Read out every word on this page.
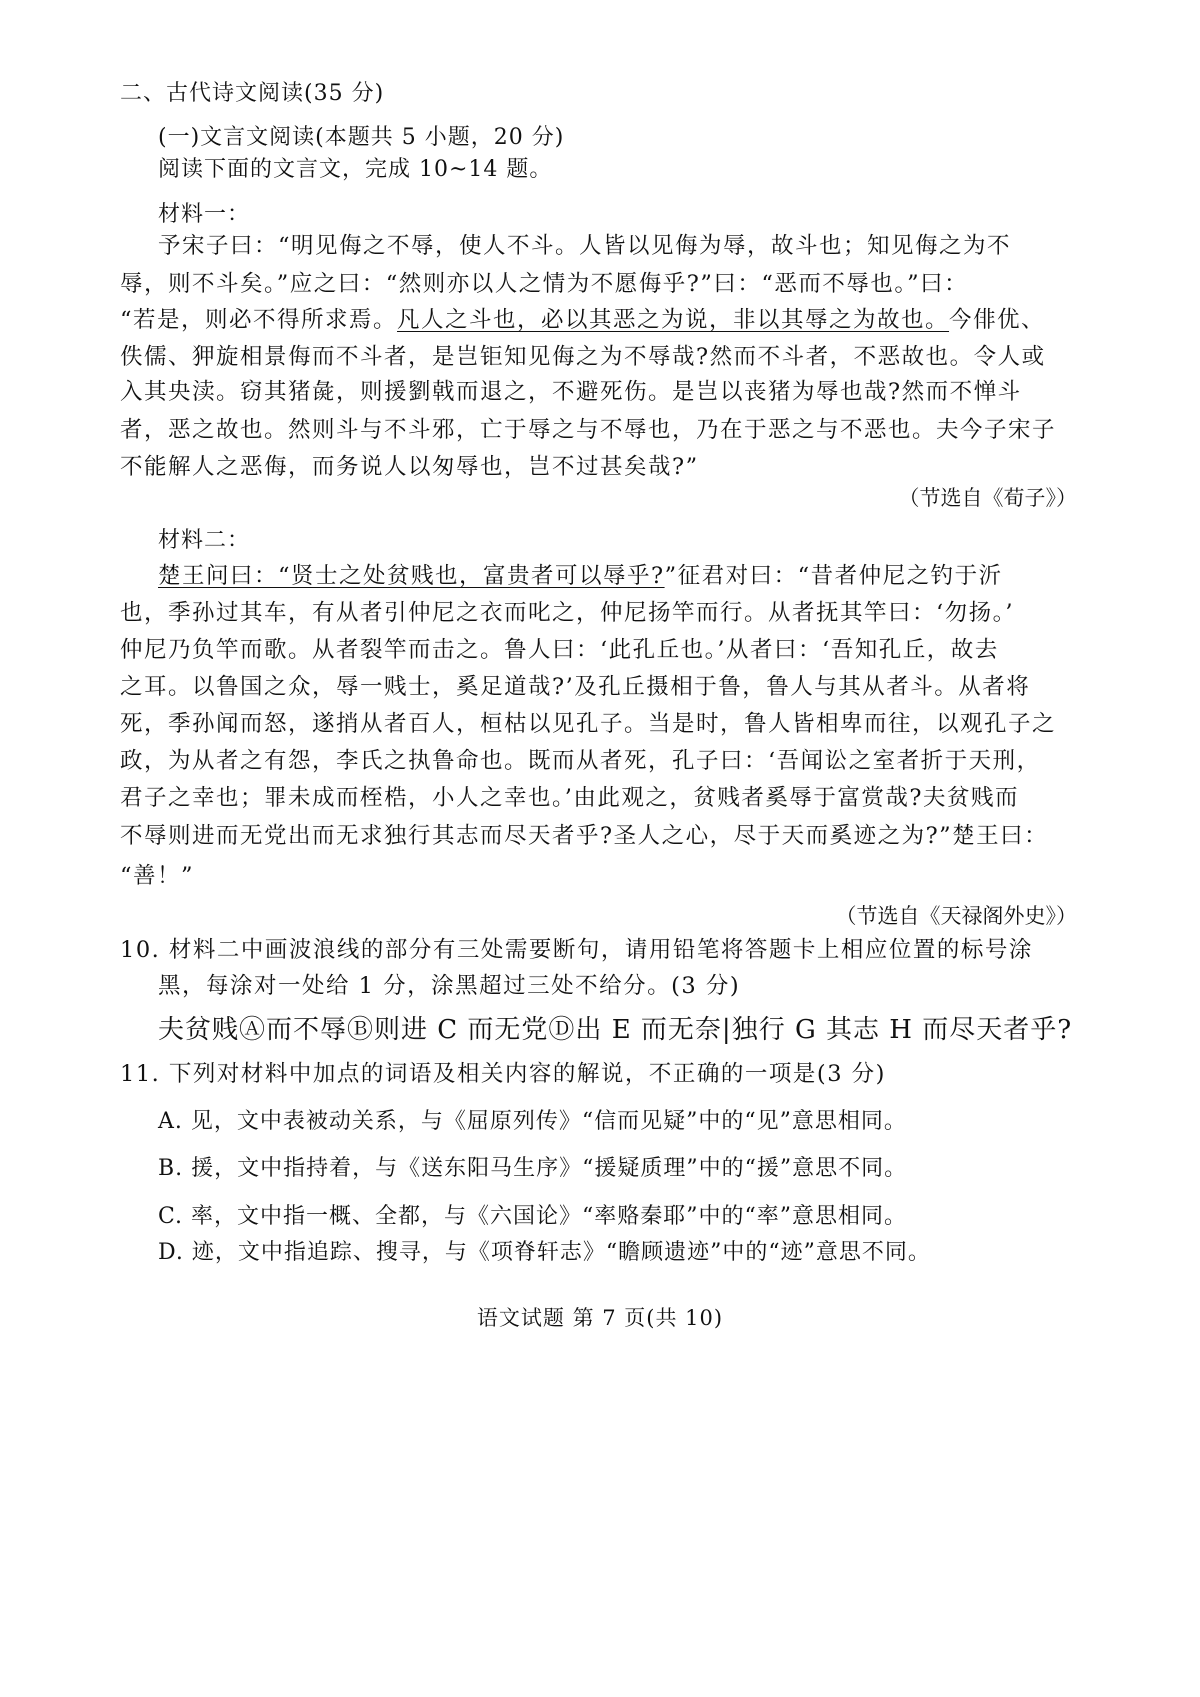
二、古代诗文阅读(35 分)
(一)文言文阅读(本题共 5 小题，20 分)
阅读下面的文言文，完成 10~14 题。
材料一：
予宋子曰：“明见侮之不辱，使人不斗。人皆以见侮为辱，故斗也；知见侮之为不
辱，则不斗矣。”应之曰：“然则亦以人之情为不愿侮乎?”曰：“恶而不辱也。”曰：
“若是，则必不得所求焉。凡人之斗也，必以其恶之为说，非以其辱之为故也。今俳优、
佚儒、狎旋相景侮而不斗者，是岂钜知见侮之为不辱哉?然而不斗者，不恶故也。令人或
入其央渎。窃其猪彘，则援劉戟而退之，不避死伤。是岂以丧猪为辱也哉?然而不惮斗
者，恶之故也。然则斗与不斗邪，亡于辱之与不辱也，乃在于恶之与不恶也。夫今子宋子
不能解人之恶侮，而务说人以匆辱也，岂不过甚矣哉?”
（节选自《荀子》）
材料二：
楚王问曰：“贤士之处贫贱也，富贵者可以辱乎?”征君对曰：“昔者仲尼之钓于沂
也，季孙过其车，有从者引仲尼之衣而叱之，仲尼扬竿而行。从者抚其竿曰：‘勿扬。’
仲尼乃负竿而歌。从者裂竿而击之。鲁人曰：‘此孔丘也。’从者曰：‘吾知孔丘，故去
之耳。以鲁国之众，辱一贱士，奚足道哉?’及孔丘摄相于鲁，鲁人与其从者斗。从者将
死，季孙闻而怒，遂捎从者百人，桓枯以见孔子。当是时，鲁人皆相卑而往，以观孔子之
政，为从者之有怨，李氏之执鲁命也。既而从者死，孔子曰：‘吾闻讼之室者折于天刑，
君子之幸也；罪未成而桎梏，小人之幸也。’由此观之，贫贱者奚辱于富赏哉?夫贫贱而
不辱则进而无党出而无求独行其志而尽天者乎?圣人之心，尽于天而奚迹之为?”楚王曰：
“善！”
（节选自《天禄阁外史》）
10. 材料二中画波浪线的部分有三处需要断句，请用铅笔将答题卡上相应位置的标号涂
黑，每涂对一处给 1 分，涂黑超过三处不给分。(3 分)
夫贫贱Ⓐ而不辱Ⓑ则进 C 而无党Ⓓ出 E 而无奈|独行 G 其志 H 而尽天者乎?
11. 下列对材料中加点的词语及相关内容的解说，不正确的一项是(3 分)
A. 见，文中表被动关系，与《屈原列传》“信而见疑”中的“见”意思相同。
B. 援，文中指持着，与《送东阳马生序》“援疑质理”中的“援”意思不同。
C. 率，文中指一概、全都，与《六国论》“率赂秦耶”中的“率”意思相同。
D. 迹，文中指追踪、搜寻，与《项脊轩志》“瞻顾遗迹”中的“迹”意思不同。
语文试题 第 7 页(共 10)
